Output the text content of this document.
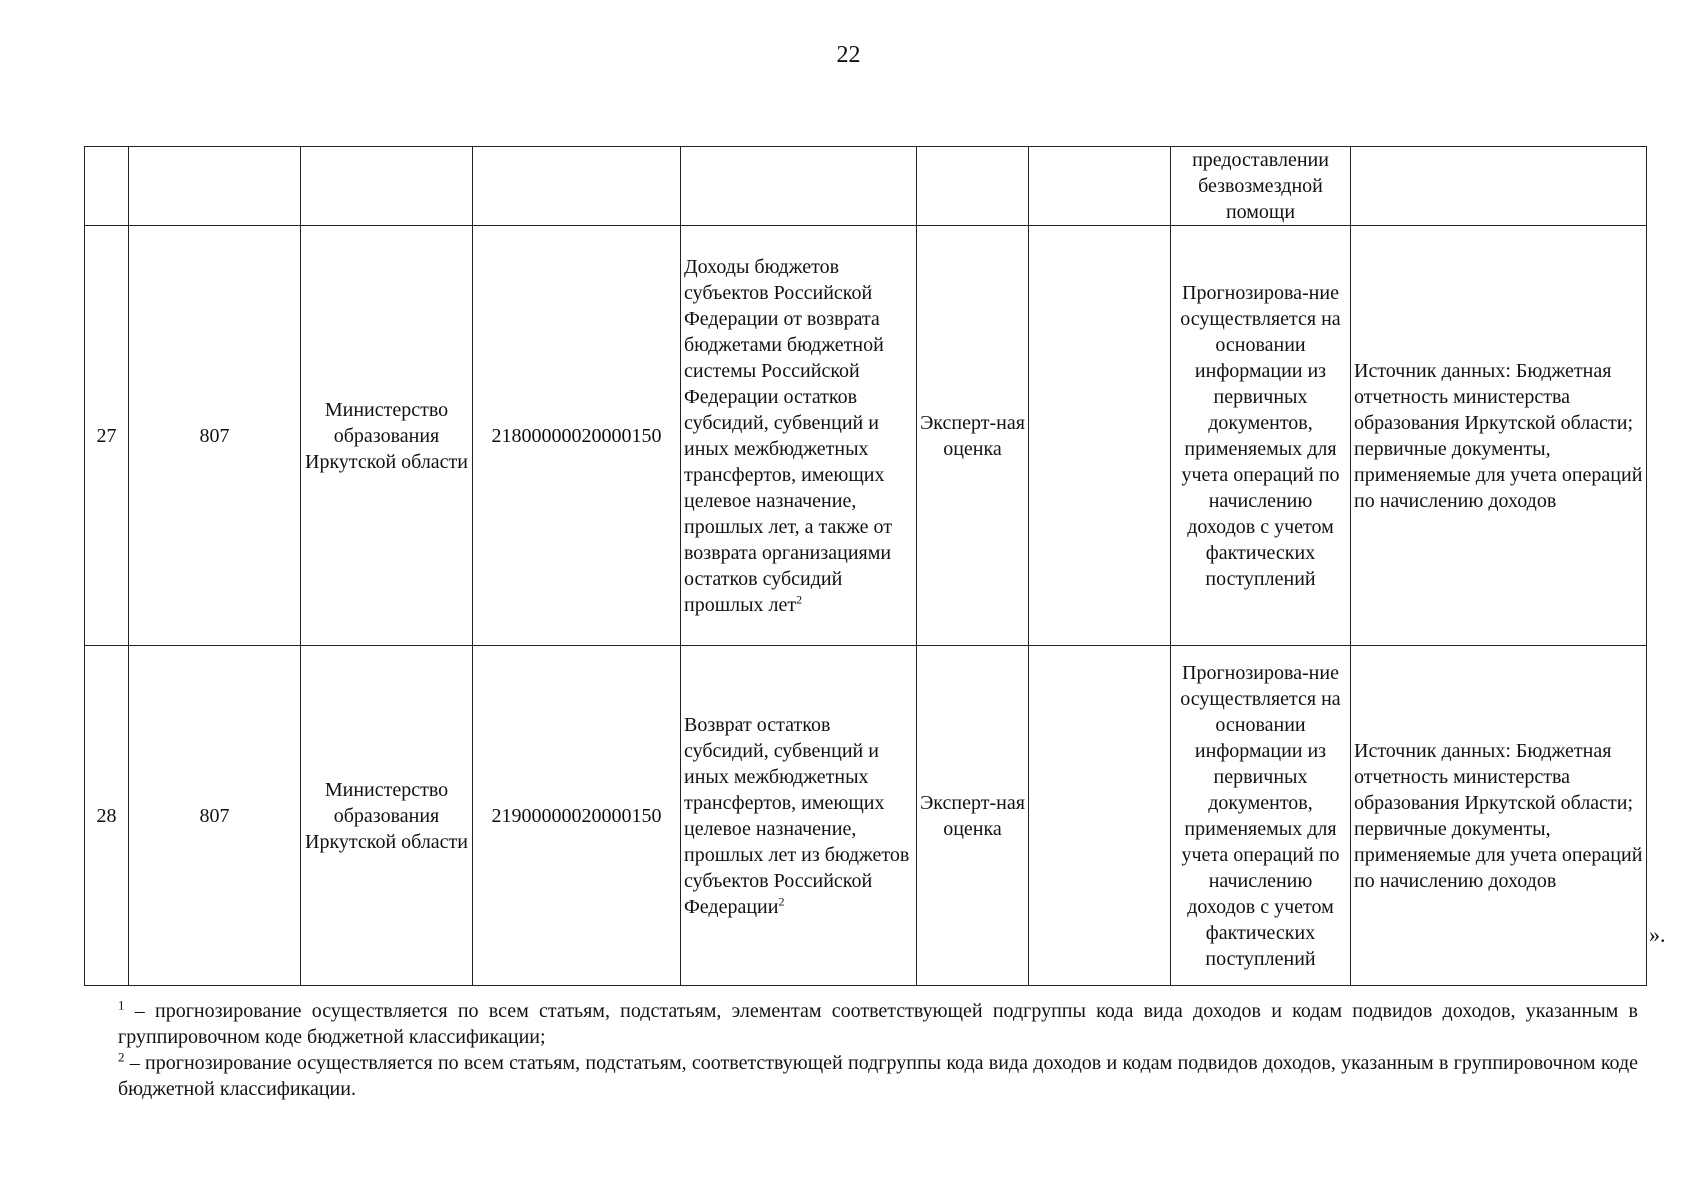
22
							предоставлении безвозмездной помощи	
27	807	Министерство образования Иркутской области	21800000020000150	Доходы бюджетов субъектов Российской Федерации от возврата бюджетами бюджетной системы Российской Федерации остатков субсидий, субвенций и иных межбюджетных трансфертов, имеющих целевое назначение, прошлых лет, а также от возврата организациями остатков субсидий прошлых лет$^2$	Эксперт-ная оценка		Прогнозирова-ние осуществляется на основании информации из первичных документов, применяемых для учета операций по начислению доходов с учетом фактических поступлений	Источник данных: Бюджетная отчетность министерства образования Иркутской области; первичные документы, применяемые для учета операций по начислению доходов
28	807	Министерство образования Иркутской области	21900000020000150	Возврат остатков субсидий, субвенций и иных межбюджетных трансфертов, имеющих целевое назначение, прошлых лет из бюджетов субъектов Российской Федерации$^2$	Эксперт-ная оценка		Прогнозирова-ние осуществляется на основании информации из первичных документов, применяемых для учета операций по начислению доходов с учетом фактических поступлений	Источник данных: Бюджетная отчетность министерства образования Иркутской области; первичные документы, применяемые для учета операций по начислению доходов
».

$^1$ – прогнозирование осуществляется по всем статьям, подстатьям, элементам соответствующей подгруппы кода вида доходов и кодам подвидов доходов, указанным в группировочном коде бюджетной классификации;

$^2$ – прогнозирование осуществляется по всем статьям, подстатьям, соответствующей подгруппы кода вида доходов и кодам подвидов доходов, указанным в группировочном коде бюджетной классификации.
